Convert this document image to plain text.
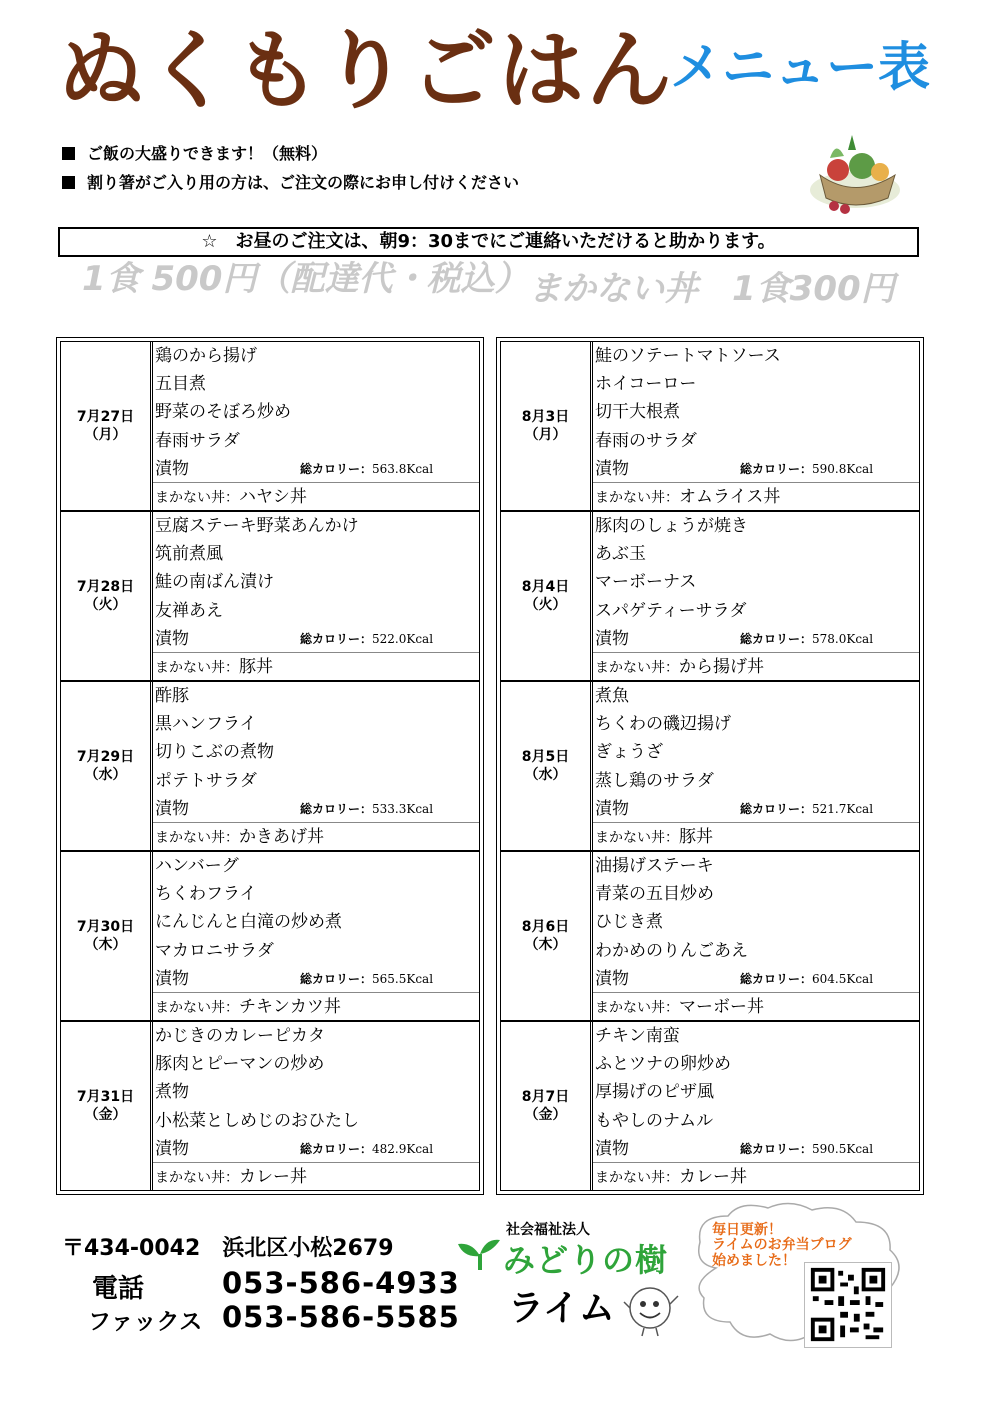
ぬくもりごはん
メニュー表
ご飯の大盛りできます！（無料）
割り箸がご入り用の方は、ご注文の際にお申し付けください
☆　お昼のご注文は、朝9：30までにご連絡いただけると助かります。
1食 500円（配達代・税込） まかない丼　1食300円
7月27日
（月）
鶏のから揚げ
五目煮
野菜のそぼろ炒め
春雨サラダ
漬物	総カロリー：563.8Kcal
まかない丼：ハヤシ丼
7月28日
（火）
豆腐ステーキ野菜あんかけ
筑前煮風
鮭の南ばん漬け
友禅あえ
漬物	総カロリー：522.0Kcal
まかない丼：豚丼
7月29日
（水）
酢豚
黒ハンフライ
切りこぶの煮物
ポテトサラダ
漬物	総カロリー：533.3Kcal
まかない丼：かきあげ丼
7月30日
（木）
ハンバーグ
ちくわフライ
にんじんと白滝の炒め煮
マカロニサラダ
漬物	総カロリー：565.5Kcal
まかない丼：チキンカツ丼
7月31日
（金）
かじきのカレーピカタ
豚肉とピーマンの炒め
煮物
小松菜としめじのおひたし
漬物	総カロリー：482.9Kcal
まかない丼：カレー丼
8月3日
（月）
鮭のソテートマトソース
ホイコーロー
切干大根煮
春雨のサラダ
漬物	総カロリー：590.8Kcal
まかない丼：オムライス丼
8月4日
（火）
豚肉のしょうが焼き
あぶ玉
マーボーナス
スパゲティーサラダ
漬物	総カロリー：578.0Kcal
まかない丼：から揚げ丼
8月5日
（水）
煮魚
ちくわの磯辺揚げ
ぎょうざ
蒸し鶏のサラダ
漬物	総カロリー：521.7Kcal
まかない丼：豚丼
8月6日
（木）
油揚げステーキ
青菜の五目炒め
ひじき煮
わかめのりんごあえ
漬物	総カロリー：604.5Kcal
まかない丼：マーボー丼
8月7日
（金）
チキン南蛮
ふとツナの卵炒め
厚揚げのピザ風
もやしのナムル
漬物	総カロリー：590.5Kcal
まかない丼：カレー丼
〒434-0042　浜北区小松2679
電話	053-586-4933
ファックス 053-586-5585
社会福祉法人
みどりの樹
ライム
毎日更新！
ライムのお弁当ブログ
始めました！
